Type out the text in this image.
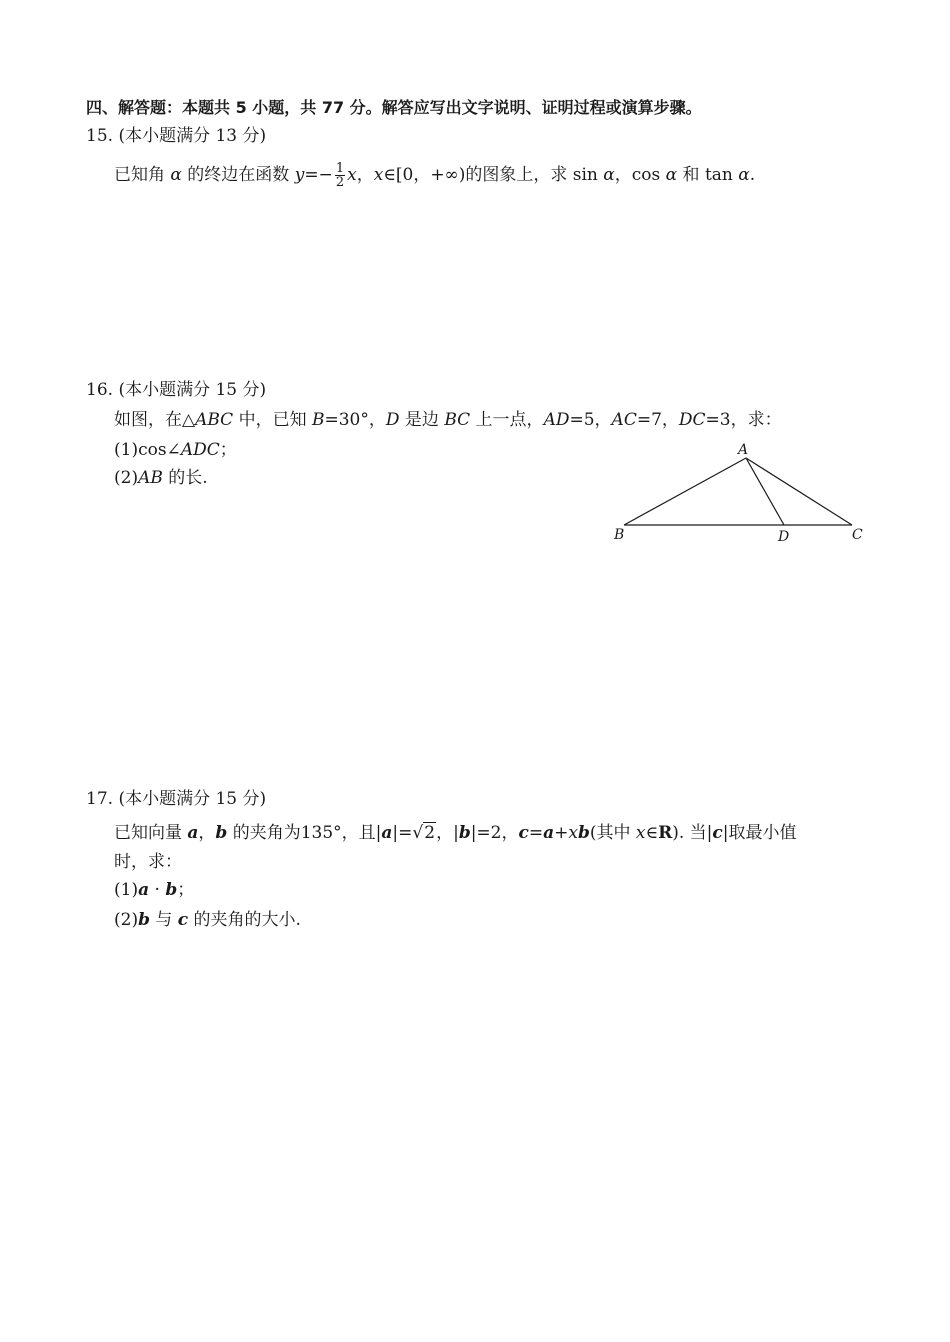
四、解答题：本题共 5 小题，共 77 分。解答应写出文字说明、证明过程或演算步骤。
15. (本小题满分 13 分)
已知角 α 的终边在函数 $y=- \frac{1}{2}$ x，x∈[0，+∞)的图象上，求 sin α，cos α 和 tan α.
16. (本小题满分 15 分)
如图，在△ABC 中，已知 B=30°，D 是边 BC 上一点，AD=5，AC=7，DC=3，求：
(1)cos∠ADC；
(2)AB 的长.
A
B	D	C
17. (本小题满分 15 分)
已知向量 a，b 的夹角为135°，且|a|=√2，|b|=2，c=a+xb(其中 x∈R). 当|c|取最小值
时，求：
(1)a · b；
(2)b 与 c 的夹角的大小.
